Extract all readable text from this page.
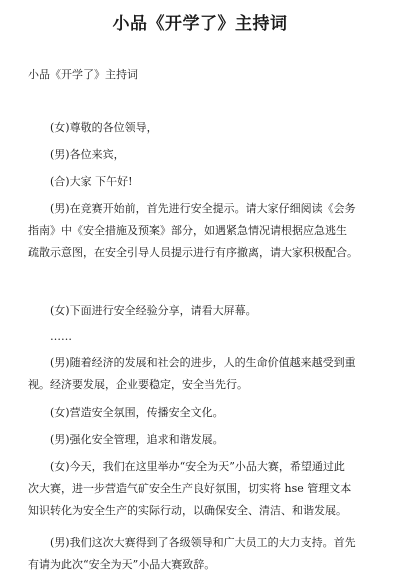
小品《开学了》主持词
小品《开学了》主持词
(女)尊敬的各位领导，
(男)各位来宾，
(合)大家 下午好!
(男)在竞赛开始前，首先进行安全提示。请大家仔细阅读《会务
指南》中《安全措施及预案》部分，如遇紧急情况请根据应急逃生
疏散示意图，在安全引导人员提示进行有序撤离，请大家积极配合。
(女)下面进行安全经验分享，请看大屏幕。
……
(男)随着经济的发展和社会的进步，人的生命价值越来越受到重
视。经济要发展，企业要稳定，安全当先行。
(女)营造安全氛围，传播安全文化。
(男)强化安全管理，追求和谐发展。
(女)今天，我们在这里举办“安全为天”小品大赛，希望通过此
次大赛，进一步营造气矿安全生产良好氛围，切实将 hse 管理文本
知识转化为安全生产的实际行动，以确保安全、清洁、和谐发展。
(男)我们这次大赛得到了各级领导和广大员工的大力支持。首先
有请为此次“安全为天”小品大赛致辞。
